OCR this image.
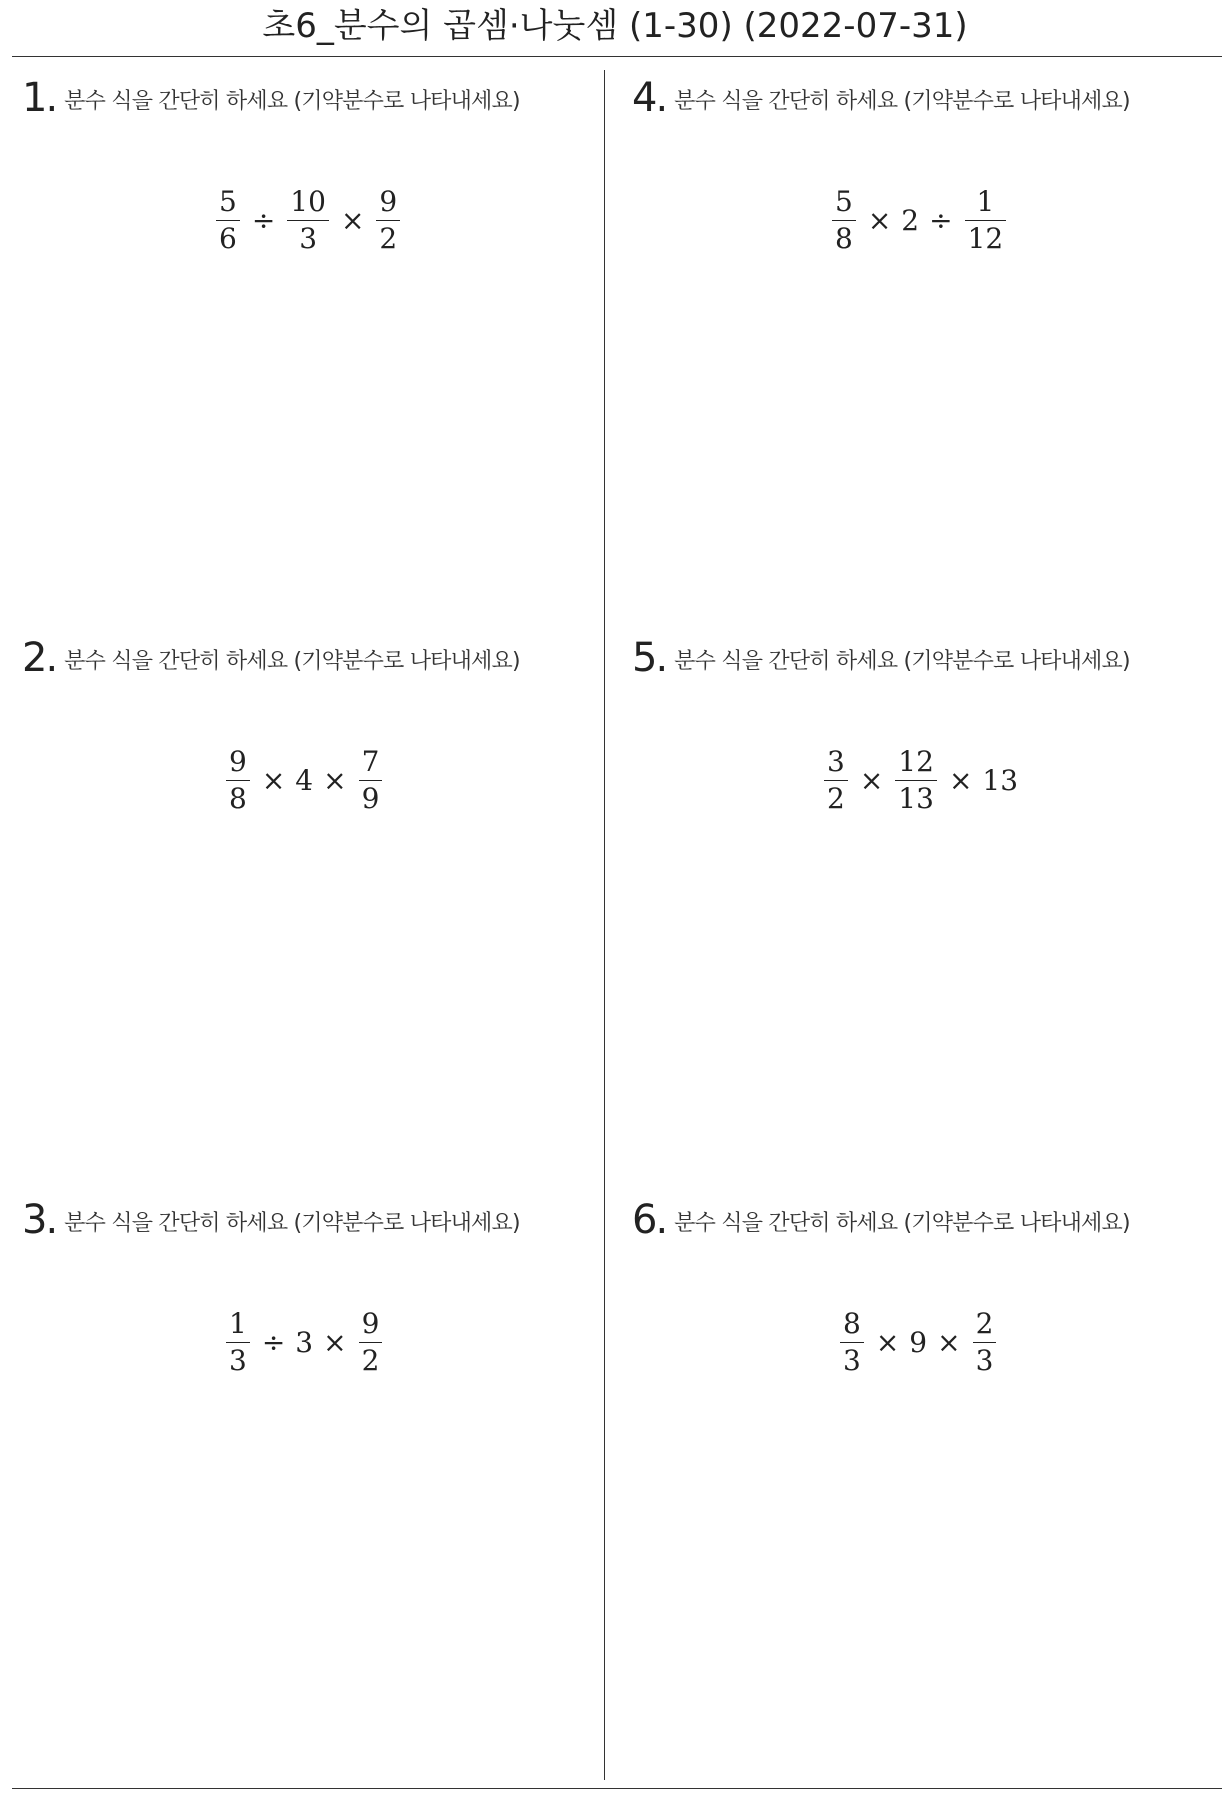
초6_분수의 곱셈·나눗셈 (1-30) (2022-07-31)
1. 분수 식을 간단히 하세요 (기약분수로 나타내세요)
$\frac{5}{6} \div \frac{10}{3} \times \frac{9}{2}$
2. 분수 식을 간단히 하세요 (기약분수로 나타내세요)
$\frac{9}{8} \times 4 \times \frac{7}{9}$
3. 분수 식을 간단히 하세요 (기약분수로 나타내세요)
$\frac{1}{3} \div 3 \times \frac{9}{2}$
4. 분수 식을 간단히 하세요 (기약분수로 나타내세요)
$\frac{5}{8} \times 2 \div \frac{1}{12}$
5. 분수 식을 간단히 하세요 (기약분수로 나타내세요)
$\frac{3}{2} \times \frac{12}{13} \times 13$
6. 분수 식을 간단히 하세요 (기약분수로 나타내세요)
$\frac{8}{3} \times 9 \times \frac{2}{3}$
